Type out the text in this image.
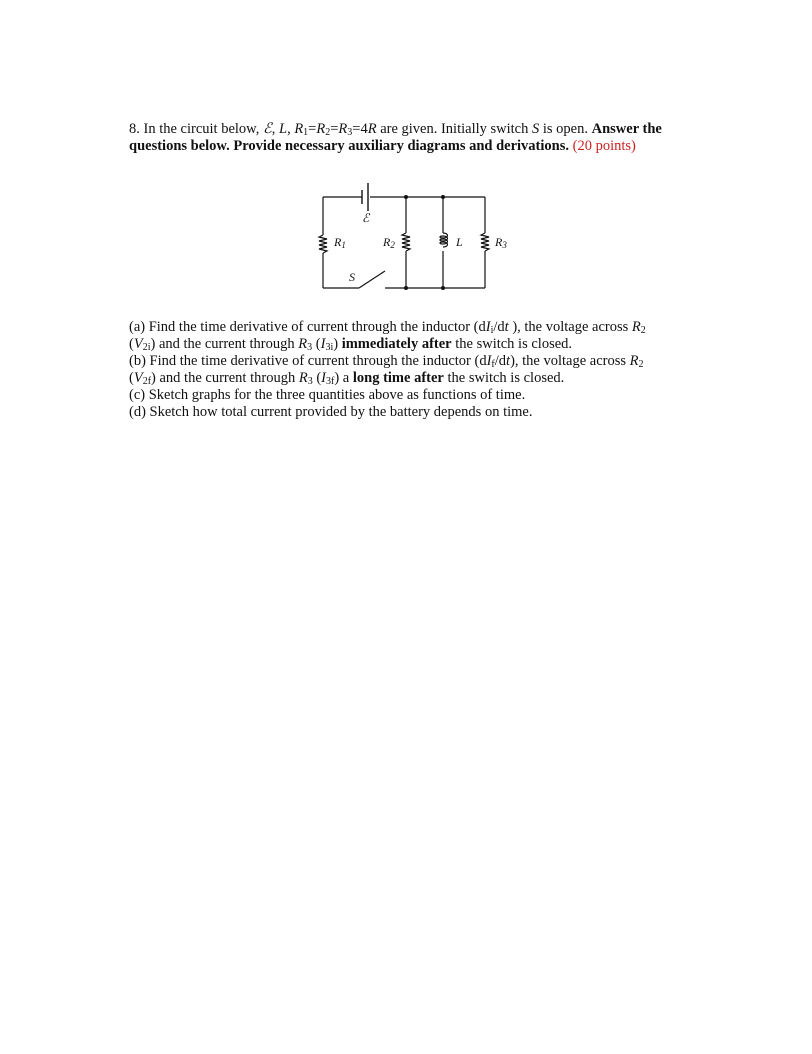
8. In the circuit below, ℰ, L, $R_1=R_2=R_3=4R$ are given. Initially switch S is open. Answer the questions below. Provide necessary auxiliary diagrams and derivations. (20 points)
ℰ
R1	R2	L	R3
S

(a) Find the time derivative of current through the inductor ($dI_i/dt$ ), the voltage across $R_2$
$(V_{2i})$ and the current through $R_3$ $(I_{3i})$ immediately after the switch is closed.

(b) Find the time derivative of current through the inductor $(dI_f/dt)$, the voltage across $R_2$
$(V_{2f})$ and the current through $R_3$ $(I_{3f})$ a long time after the switch is closed.

(c) Sketch graphs for the three quantities above as functions of time.

(d) Sketch how total current provided by the battery depends on time.
